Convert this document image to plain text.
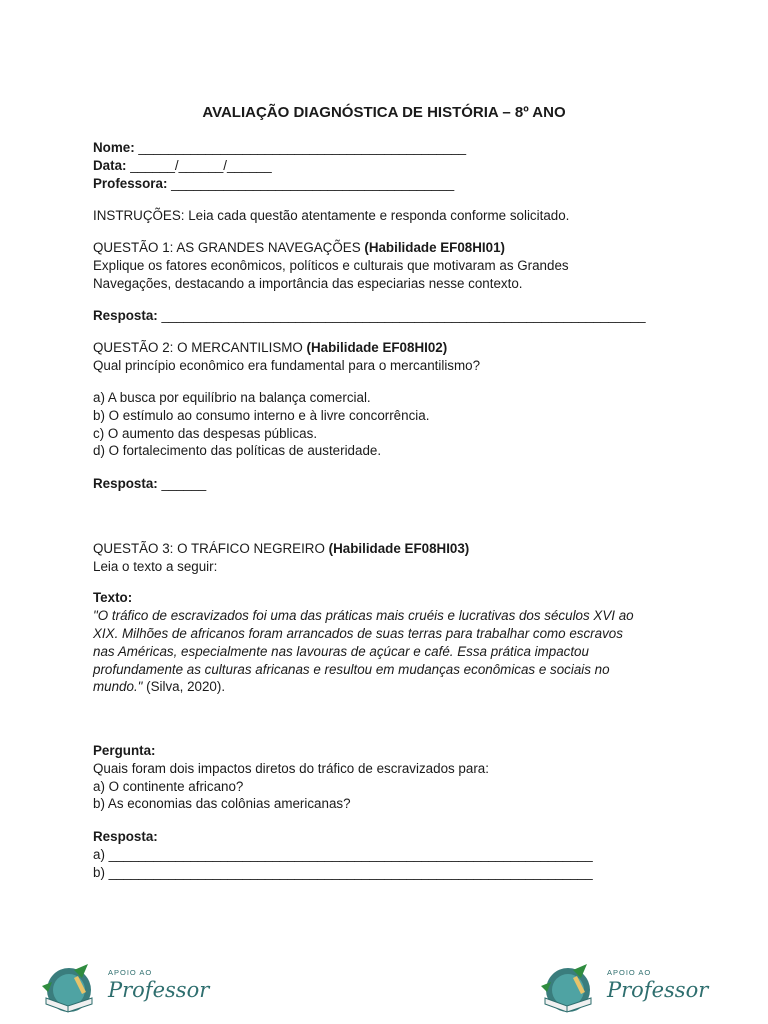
AVALIAÇÃO DIAGNÓSTICA DE HISTÓRIA – 8º ANO
Nome: ____________________________________________
Data: ______/______/______
Professora: ______________________________________
INSTRUÇÕES: Leia cada questão atentamente e responda conforme solicitado.
QUESTÃO 1: AS GRANDES NAVEGAÇÕES (Habilidade EF08HI01)
Explique os fatores econômicos, políticos e culturais que motivaram as Grandes
Navegações, destacando a importância das especiarias nesse contexto.
Resposta: _________________________________________________________________
QUESTÃO 2: O MERCANTILISMO (Habilidade EF08HI02)
Qual princípio econômico era fundamental para o mercantilismo?
a) A busca por equilíbrio na balança comercial.
b) O estímulo ao consumo interno e à livre concorrência.
c) O aumento das despesas públicas.
d) O fortalecimento das políticas de austeridade.
Resposta: ______
QUESTÃO 3: O TRÁFICO NEGREIRO (Habilidade EF08HI03)
Leia o texto a seguir:
Texto:
"O tráfico de escravizados foi uma das práticas mais cruéis e lucrativas dos séculos XVI ao
XIX. Milhões de africanos foram arrancados de suas terras para trabalhar como escravos
nas Américas, especialmente nas lavouras de açúcar e café. Essa prática impactou
profundamente as culturas africanas e resultou em mudanças econômicas e sociais no
mundo." (Silva, 2020).
Pergunta:
Quais foram dois impactos diretos do tráfico de escravizados para:
a) O continente africano?
b) As economias das colônias americanas?
Resposta:
a) _________________________________________________________________
b) _________________________________________________________________
APOIO AO
Professor
APOIO AO
Professor
